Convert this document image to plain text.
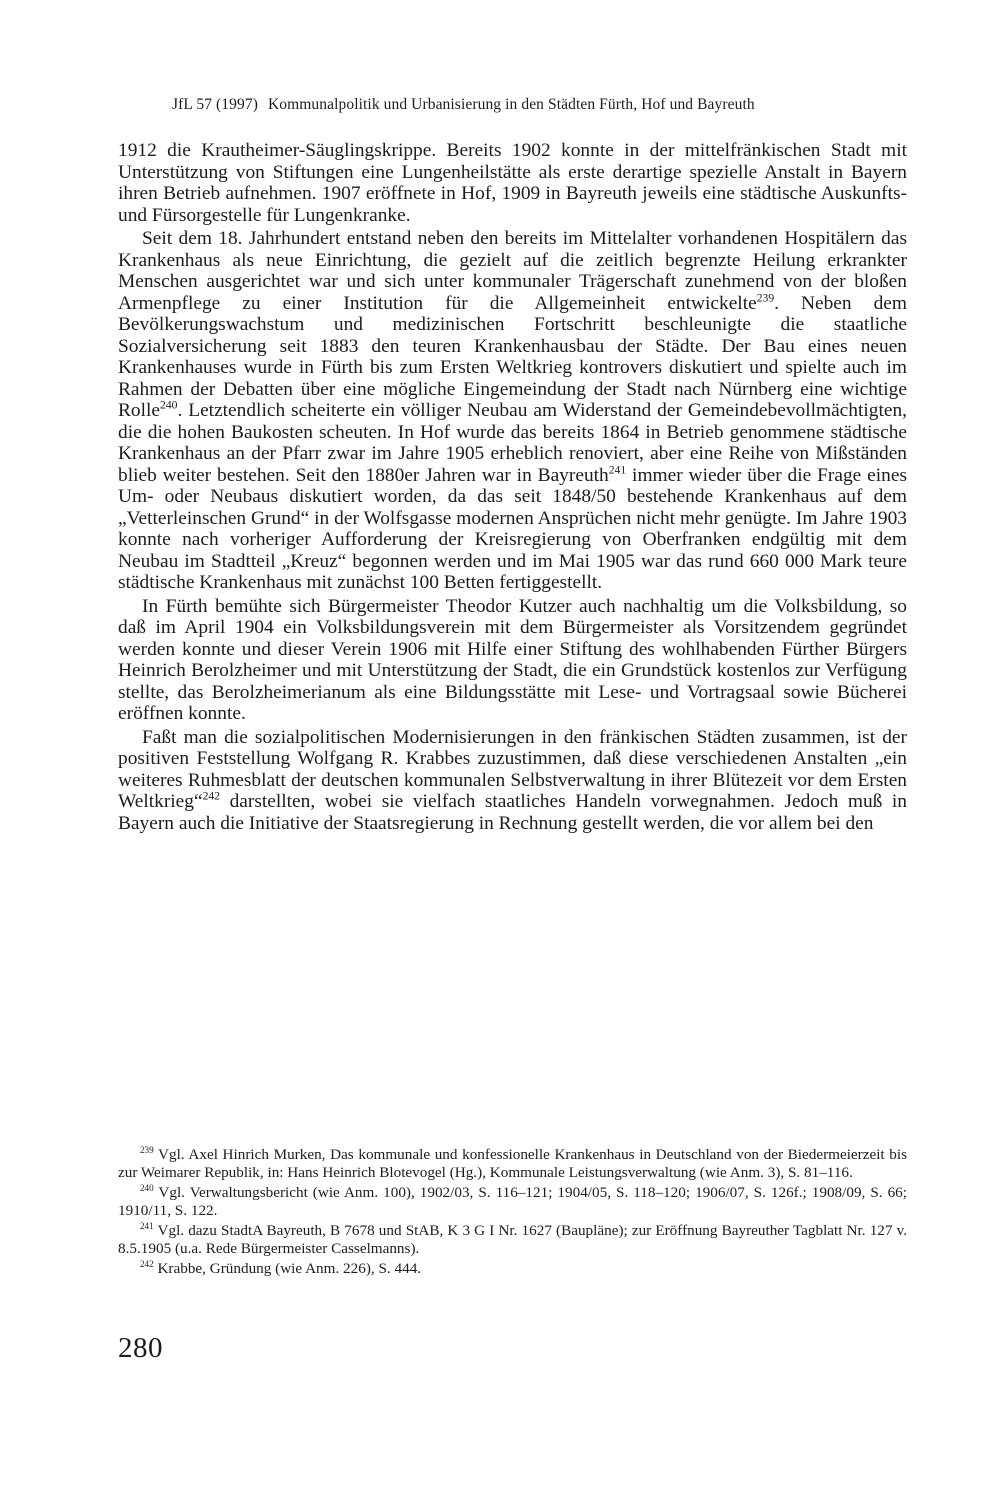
JfL 57 (1997) Kommunalpolitik und Urbanisierung in den Städten Fürth, Hof und Bayreuth

1912 die Krautheimer-Säuglingskrippe. Bereits 1902 konnte in der mittelfränkischen Stadt mit Unterstützung von Stiftungen eine Lungenheilstätte als erste derartige spezielle Anstalt in Bayern ihren Betrieb aufnehmen. 1907 eröffnete in Hof, 1909 in Bayreuth jeweils eine städtische Auskunfts- und Fürsorgestelle für Lungenkranke.

Seit dem 18. Jahrhundert entstand neben den bereits im Mittelalter vorhandenen Hospitälern das Krankenhaus als neue Einrichtung, die gezielt auf die zeitlich begrenzte Heilung erkrankter Menschen ausgerichtet war und sich unter kommunaler Trägerschaft zunehmend von der bloßen Armenpflege zu einer Institution für die Allgemeinheit entwickelte$^{239}$. Neben dem Bevölkerungswachstum und medizinischen Fortschritt beschleunigte die staatliche Sozialversicherung seit 1883 den teuren Krankenhausbau der Städte. Der Bau eines neuen Krankenhauses wurde in Fürth bis zum Ersten Weltkrieg kontrovers diskutiert und spielte auch im Rahmen der Debatten über eine mögliche Eingemeindung der Stadt nach Nürnberg eine wichtige Rolle$^{240}$. Letztendlich scheiterte ein völliger Neubau am Widerstand der Gemeindebevollmächtigten, die die hohen Baukosten scheuten. In Hof wurde das bereits 1864 in Betrieb genommene städtische Krankenhaus an der Pfarr zwar im Jahre 1905 erheblich renoviert, aber eine Reihe von Mißständen blieb weiter bestehen. Seit den 1880er Jahren war in Bayreuth$^{241}$ immer wieder über die Frage eines Um- oder Neubaus diskutiert worden, da das seit 1848/50 bestehende Krankenhaus auf dem „Vetterleinschen Grund“ in der Wolfsgasse modernen Ansprüchen nicht mehr genügte. Im Jahre 1903 konnte nach vorheriger Aufforderung der Kreisregierung von Oberfranken endgültig mit dem Neubau im Stadtteil „Kreuz“ begonnen werden und im Mai 1905 war das rund 660 000 Mark teure städtische Krankenhaus mit zunächst 100 Betten fertiggestellt.

In Fürth bemühte sich Bürgermeister Theodor Kutzer auch nachhaltig um die Volksbildung, so daß im April 1904 ein Volksbildungsverein mit dem Bürgermeister als Vorsitzendem gegründet werden konnte und dieser Verein 1906 mit Hilfe einer Stiftung des wohlhabenden Fürther Bürgers Heinrich Berolzheimer und mit Unterstützung der Stadt, die ein Grundstück kostenlos zur Verfügung stellte, das Berolzheimerianum als eine Bildungsstätte mit Lese- und Vortragsaal sowie Bücherei eröffnen konnte.

Faßt man die sozialpolitischen Modernisierungen in den fränkischen Städten zusammen, ist der positiven Feststellung Wolfgang R. Krabbes zuzustimmen, daß diese verschiedenen Anstalten „ein weiteres Ruhmesblatt der deutschen kommunalen Selbstverwaltung in ihrer Blütezeit vor dem Ersten Weltkrieg“$^{242}$ darstellten, wobei sie vielfach staatliches Handeln vorwegnahmen. Jedoch muß in Bayern auch die Initiative der Staatsregierung in Rechnung gestellt werden, die vor allem bei den

$^{239}$ Vgl. Axel Hinrich Murken, Das kommunale und konfessionelle Krankenhaus in Deutschland von der Biedermeierzeit bis zur Weimarer Republik, in: Hans Heinrich Blotevogel (Hg.), Kommunale Leistungsverwaltung (wie Anm. 3), S. 81–116.

$^{240}$ Vgl. Verwaltungsbericht (wie Anm. 100), 1902/03, S. 116–121; 1904/05, S. 118–120; 1906/07, S. 126f.; 1908/09, S. 66; 1910/11, S. 122.

$^{241}$ Vgl. dazu StadtA Bayreuth, B 7678 und StAB, K 3 G I Nr. 1627 (Baupläne); zur Eröffnung Bayreuther Tagblatt Nr. 127 v. 8.5.1905 (u.a. Rede Bürgermeister Casselmanns).

$^{242}$ Krabbe, Gründung (wie Anm. 226), S. 444.

280
